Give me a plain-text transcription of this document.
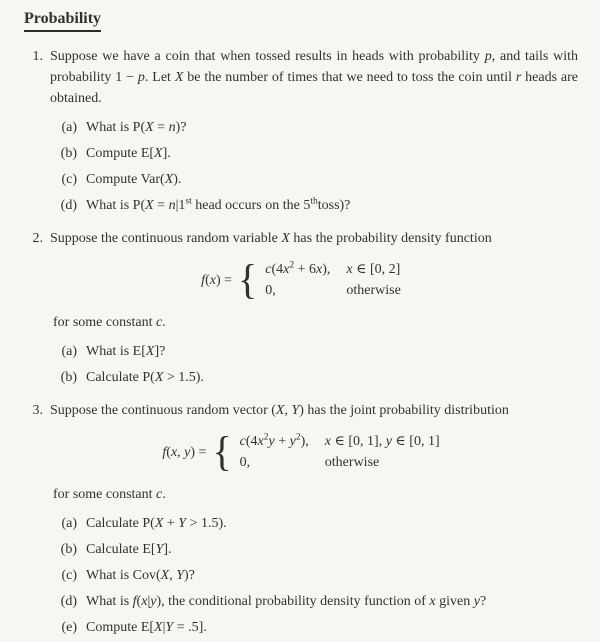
Probability
1. Suppose we have a coin that when tossed results in heads with probability p, and tails with probability 1 − p. Let X be the number of times that we need to toss the coin until r heads are obtained.

(a) What is P(X = n)?
(b) Compute E[X].
(c) Compute Var(X).
(d) What is P(X = n|1st head occurs on the 5thtoss)?
2. Suppose the continuous random variable X has the probability density function

f(x) = { $c(4x^2 + 6x)$, x ∈ [0, 2]
0,	otherwise

for some constant c.

(a) What is E[X]?
(b) Calculate P(X > 1.5).
3. Suppose the continuous random vector (X, Y) has the joint probability distribution

f(x, y) = { $c(4x^2y + y^2)$, x ∈ [0, 1], y ∈ [0, 1]
0,	otherwise

for some constant c.

(a) Calculate P(X + Y > 1.5).
(b) Calculate E[Y].
(c) What is Cov(X, Y)?
(d) What is f(x|y), the conditional probability density function of x given y?
(e) Compute E[X|Y = .5].
